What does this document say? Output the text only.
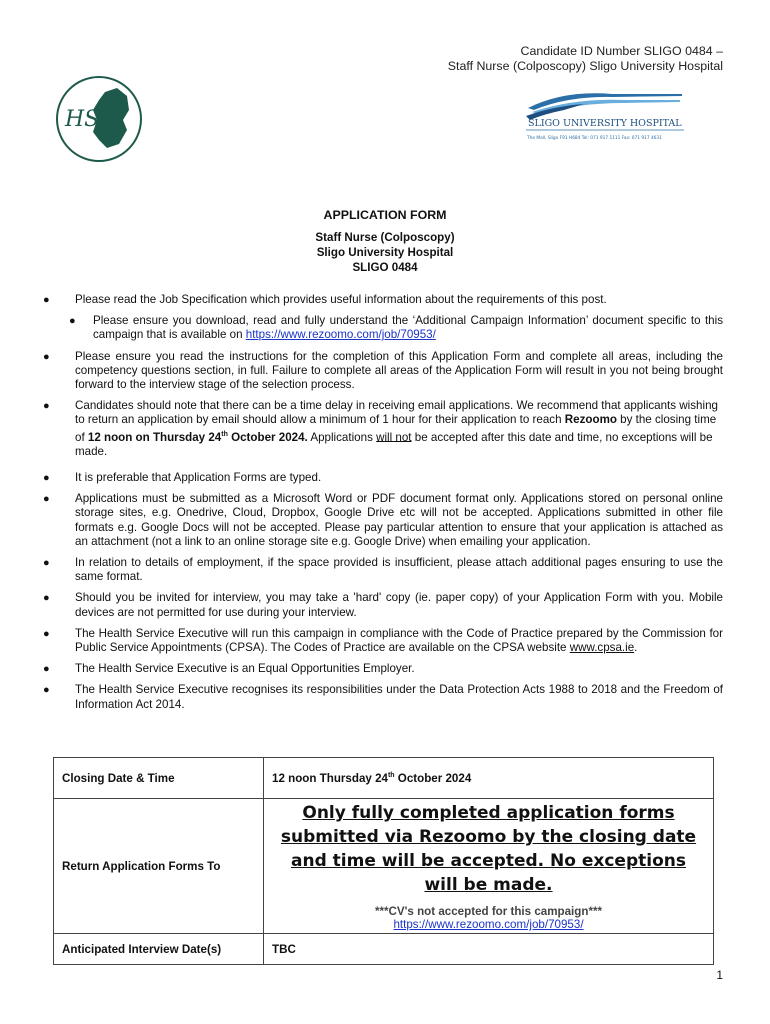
Candidate ID Number SLIGO 0484 –
Staff Nurse (Colposcopy) Sligo University Hospital
HSE	SLIGO UNIVERSITY HOSPITAL
The Mall, Sligo F91 H684 Tel: 071 917 1111 Fax: 071 917 4631
APPLICATION FORM
Staff Nurse (Colposcopy)
Sligo University Hospital
SLIGO 0484
● Please read the Job Specification which provides useful information about the requirements of this post.
● Please ensure you download, read and fully understand the ‘Additional Campaign Information’ document specific to this campaign that is available on https://www.rezoomo.com/job/70953/
● Please ensure you read the instructions for the completion of this Application Form and complete all areas, including the competency questions section, in full. Failure to complete all areas of the Application Form will result in you not being brought forward to the interview stage of the selection process.
● Candidates should note that there can be a time delay in receiving email applications. We recommend that applicants wishing to return an application by email should allow a minimum of 1 hour for their application to reach Rezoomo by the closing time of 12 noon on Thursday 24th October 2024. Applications will not be accepted after this date and time, no exceptions will be made.
● It is preferable that Application Forms are typed.
● Applications must be submitted as a Microsoft Word or PDF document format only. Applications stored on personal online storage sites, e.g. Onedrive, Cloud, Dropbox, Google Drive etc will not be accepted. Applications submitted in other file formats e.g. Google Docs will not be accepted. Please pay particular attention to ensure that your application is attached as an attachment (not a link to an online storage site e.g. Google Drive) when emailing your application.
● In relation to details of employment, if the space provided is insufficient, please attach additional pages ensuring to use the same format.
● Should you be invited for interview, you may take a 'hard' copy (ie. paper copy) of your Application Form with you. Mobile devices are not permitted for use during your interview.
● The Health Service Executive will run this campaign in compliance with the Code of Practice prepared by the Commission for Public Service Appointments (CPSA). The Codes of Practice are available on the CPSA website www.cpsa.ie.
● The Health Service Executive is an Equal Opportunities Employer.
● The Health Service Executive recognises its responsibilities under the Data Protection Acts 1988 to 2018 and the Freedom of Information Act 2014.
Closing Date & Time	12 noon Thursday 24th October 2024
Return Application Forms To	Only fully completed application forms submitted via Rezoomo by the closing date and time will be accepted. No exceptions will be made.
***CV's not accepted for this campaign***
https://www.rezoomo.com/job/70953/

Anticipated Interview Date(s)	TBC
1
